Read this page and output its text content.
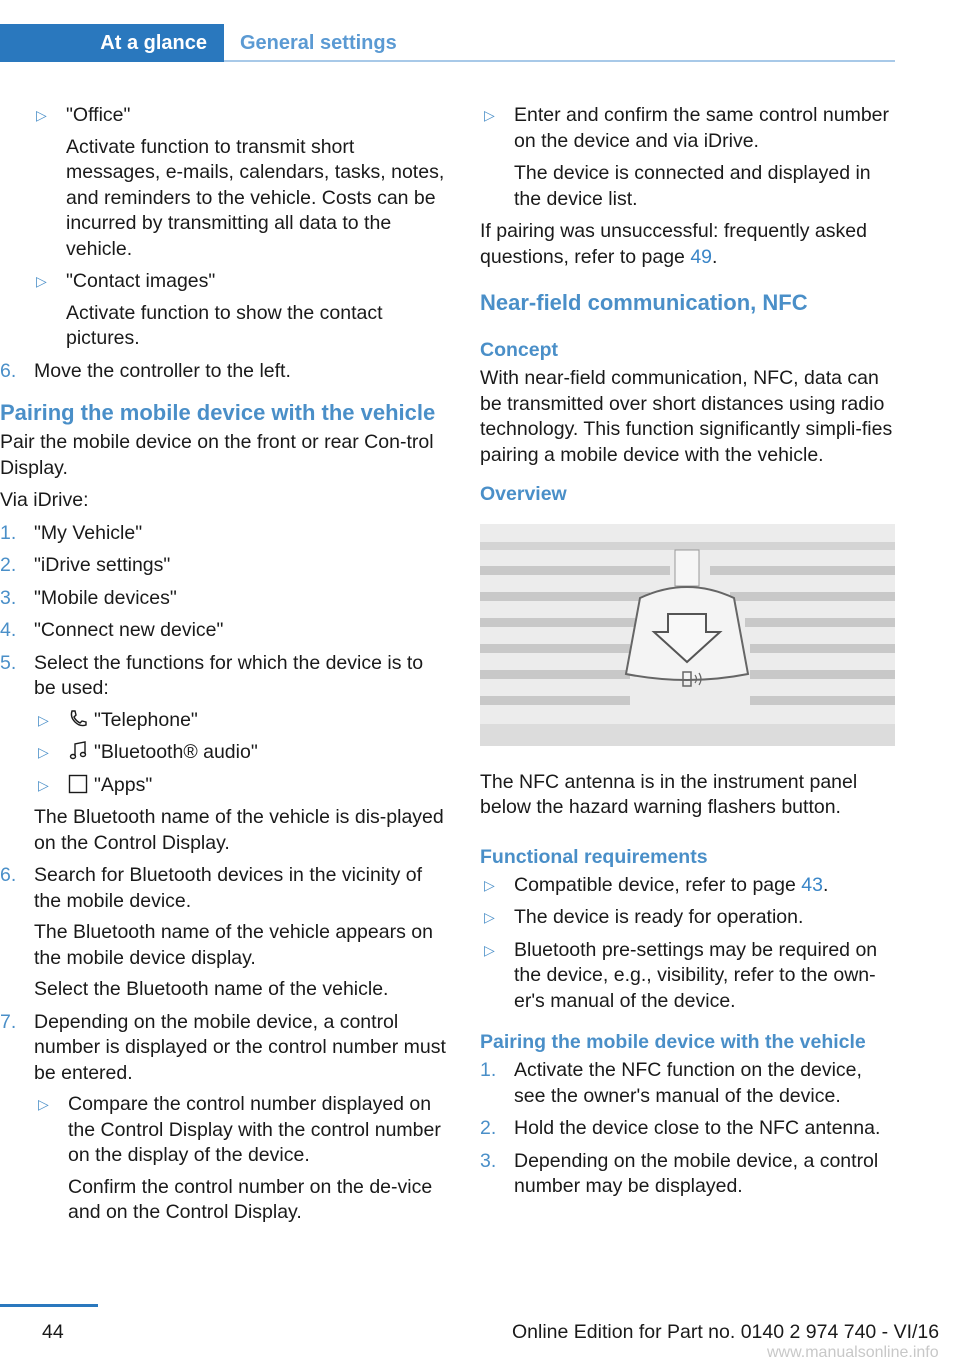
At a glance General settings
▷ "Office"

Activate function to transmit short messages, e-mails, calendars, tasks, notes, and reminders to the vehicle. Costs can be incurred by transmitting all data to the vehicle.

▷ "Contact images"

Activate function to show the contact pictures.

6. Move the controller to the left.
Pairing the mobile device with the vehicle

Pair the mobile device on the front or rear Con‐trol Display.

Via iDrive:

1. "My Vehicle"
2. "iDrive settings"
3. "Mobile devices"
4. "Connect new device"
5. Select the functions for which the device is to be used:

▷	"Telephone"
▷	"Bluetooth® audio"
▷	"Apps"

The Bluetooth name of the vehicle is dis‐played on the Control Display.

6. Search for Bluetooth devices in the vicinity of the mobile device.

The Bluetooth name of the vehicle appears on the mobile device display.

Select the Bluetooth name of the vehicle.

7. Depending on the mobile device, a control number is displayed or the control number must be entered.

▷ Compare the control number displayed on the Control Display with the control number on the display of the device.

Confirm the control number on the de‐vice and on the Control Display.

▷ Enter and confirm the same control number on the device and via iDrive.

The device is connected and displayed in the device list.

If pairing was unsuccessful: frequently asked questions, refer to page 49.

Near-field communication, NFC
Concept

With near-field communication, NFC, data can be transmitted over short distances using radio technology. This function significantly simpli‐fies pairing a mobile device with the vehicle.

Overview

The NFC antenna is in the instrument panel below the hazard warning flashers button.

Functional requirements
▷ Compatible device, refer to page 43.
▷ The device is ready for operation.
▷ Bluetooth pre-settings may be required on the device, e.g., visibility, refer to the own‐er's manual of the device.
Pairing the mobile device with the vehicle
1. Activate the NFC function on the device, see the owner's manual of the device.
2. Hold the device close to the NFC antenna.
3. Depending on the mobile device, a control number may be displayed.
44	Online Edition for Part no. 0140 2 974 740 - VI/16
www.manualsonline.info
